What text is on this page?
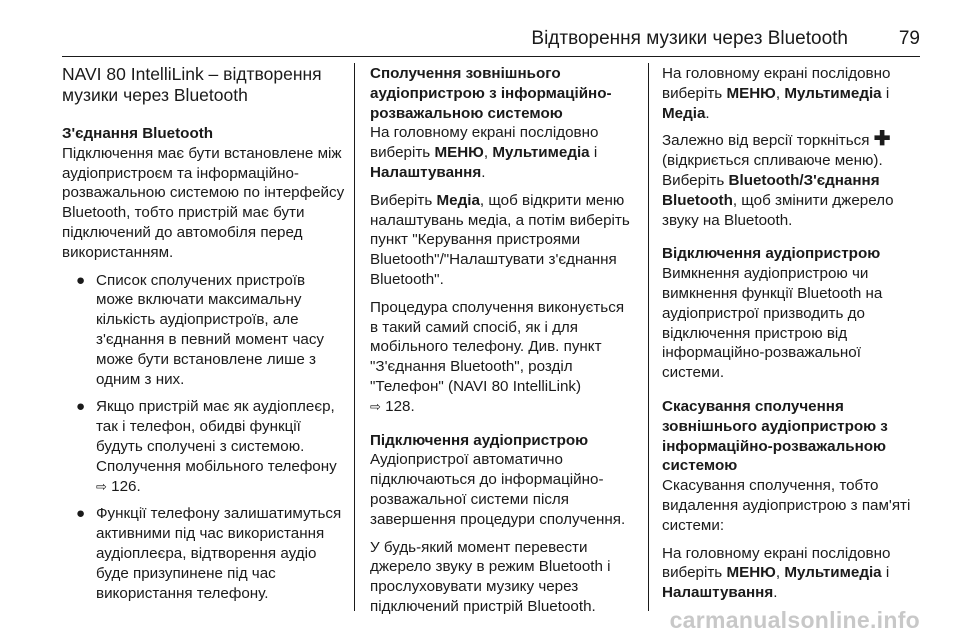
Відтворення музики через Bluetooth	79
NAVI 80 IntelliLink – відтворення музики через Bluetooth

З'єднання Bluetooth

Підключення має бути встановлене між аудіопристроєм та інформаційно-розважальною системою по інтерфейсу Bluetooth, тобто пристрій має бути підключений до автомобіля перед використанням.

● Список сполучених пристроїв може включати максимальну кількість аудіопристроїв, але з'єднання в певний момент часу може бути встановлене лише з одним з них.
● Якщо пристрій має як аудіоплеєр, так і телефон, обидві функції будуть сполучені з системою. Сполучення мобільного телефону ⇨ 126.
● Функції телефону залишатимуться активними під час використання аудіоплеєра, відтворення аудіо буде призупинене під час використання телефону.

Сполучення зовнішнього аудіопристрою з інформаційно-розважальною системою

На головному екрані послідовно виберіть МЕНЮ, Мультимедіа і Налаштування.

Виберіть Медіа, щоб відкрити меню налаштувань медіа, а потім виберіть пункт "Керування пристроями Bluetooth"/"Налаштувати з'єднання Bluetooth".

Процедура сполучення виконується в такий самий спосіб, як і для мобільного телефону. Див. пункт "З'єднання Bluetooth", розділ "Телефон" (NAVI 80 IntelliLink)
⇨ 128.

Підключення аудіопристрою

Аудіопристрої автоматично підключаються до інформаційно-розважальної системи після завершення процедури сполучення.

У будь-який момент перевести джерело звуку в режим Bluetooth і прослуховувати музику через підключений пристрій Bluetooth.

На головному екрані послідовно виберіть МЕНЮ, Мультимедіа і Медіа.

Залежно від версії торкніться ✚ (відкриється спливаюче меню). Виберіть Bluetooth/З'єднання Bluetooth, щоб змінити джерело звуку на Bluetooth.

Відключення аудіопристрою

Вимкнення аудіопристрою чи вимкнення функції Bluetooth на аудіопристрої призводить до відключення пристрою від інформаційно-розважальної системи.

Скасування сполучення зовнішнього аудіопристрою з інформаційно-розважальною системою

Скасування сполучення, тобто видалення аудіопристрою з пам'яті системи:

На головному екрані послідовно виберіть МЕНЮ, Мультимедіа і Налаштування.

carmanualsonline.info
